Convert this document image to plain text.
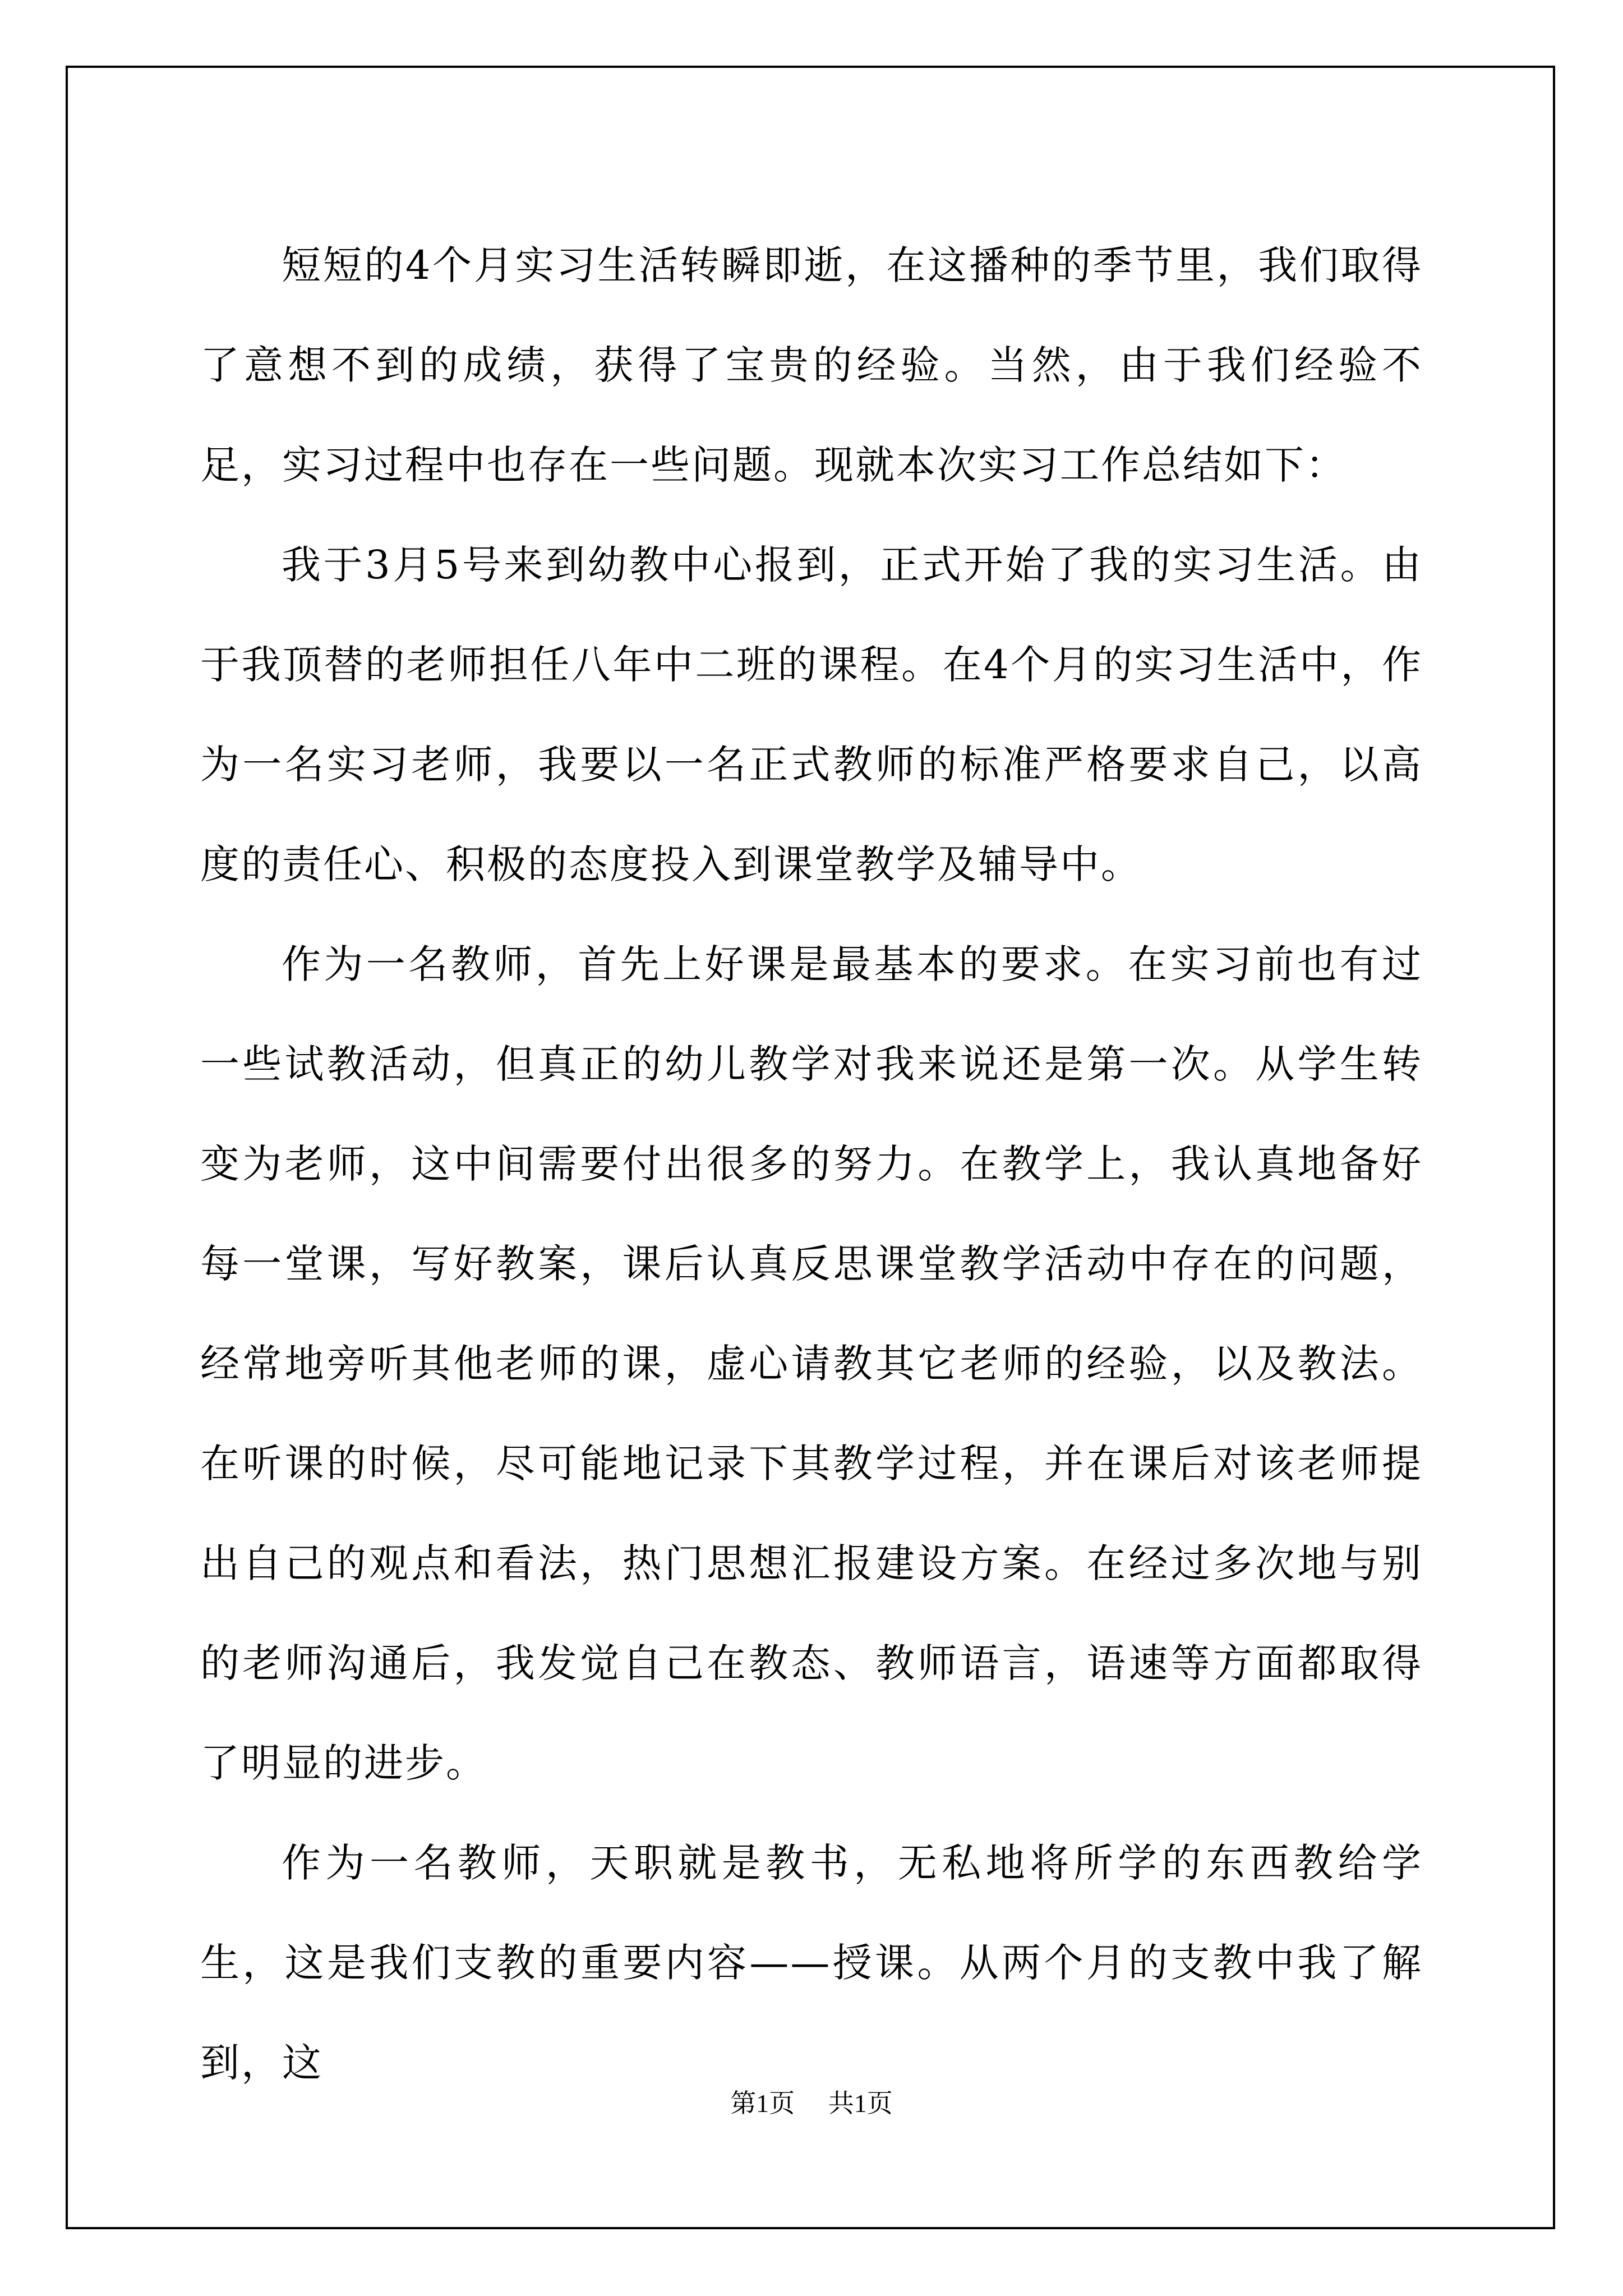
短短的4个月实习生活转瞬即逝，在这播种的季节里，我们取得了意想不到的成绩，获得了宝贵的经验。当然，由于我们经验不足，实习过程中也存在一些问题。现就本次实习工作总结如下：

我于3月5号来到幼教中心报到，正式开始了我的实习生活。由于我顶替的老师担任八年中二班的课程。在4个月的实习生活中，作为一名实习老师，我要以一名正式教师的标准严格要求自己，以高度的责任心、积极的态度投入到课堂教学及辅导中。

作为一名教师，首先上好课是最基本的要求。在实习前也有过一些试教活动，但真正的幼儿教学对我来说还是第一次。从学生转变为老师，这中间需要付出很多的努力。在教学上，我认真地备好每一堂课，写好教案，课后认真反思课堂教学活动中存在的问题，经常地旁听其他老师的课，虚心请教其它老师的经验，以及教法。在听课的时候，尽可能地记录下其教学过程，并在课后对该老师提出自己的观点和看法，热门思想汇报建设方案。在经过多次地与别的老师沟通后，我发觉自己在教态、教师语言，语速等方面都取得了明显的进步。

作为一名教师，天职就是教书，无私地将所学的东西教给学生，这是我们支教的重要内容——授课。从两个月的支教中我了解到，这

第1页 共1页
